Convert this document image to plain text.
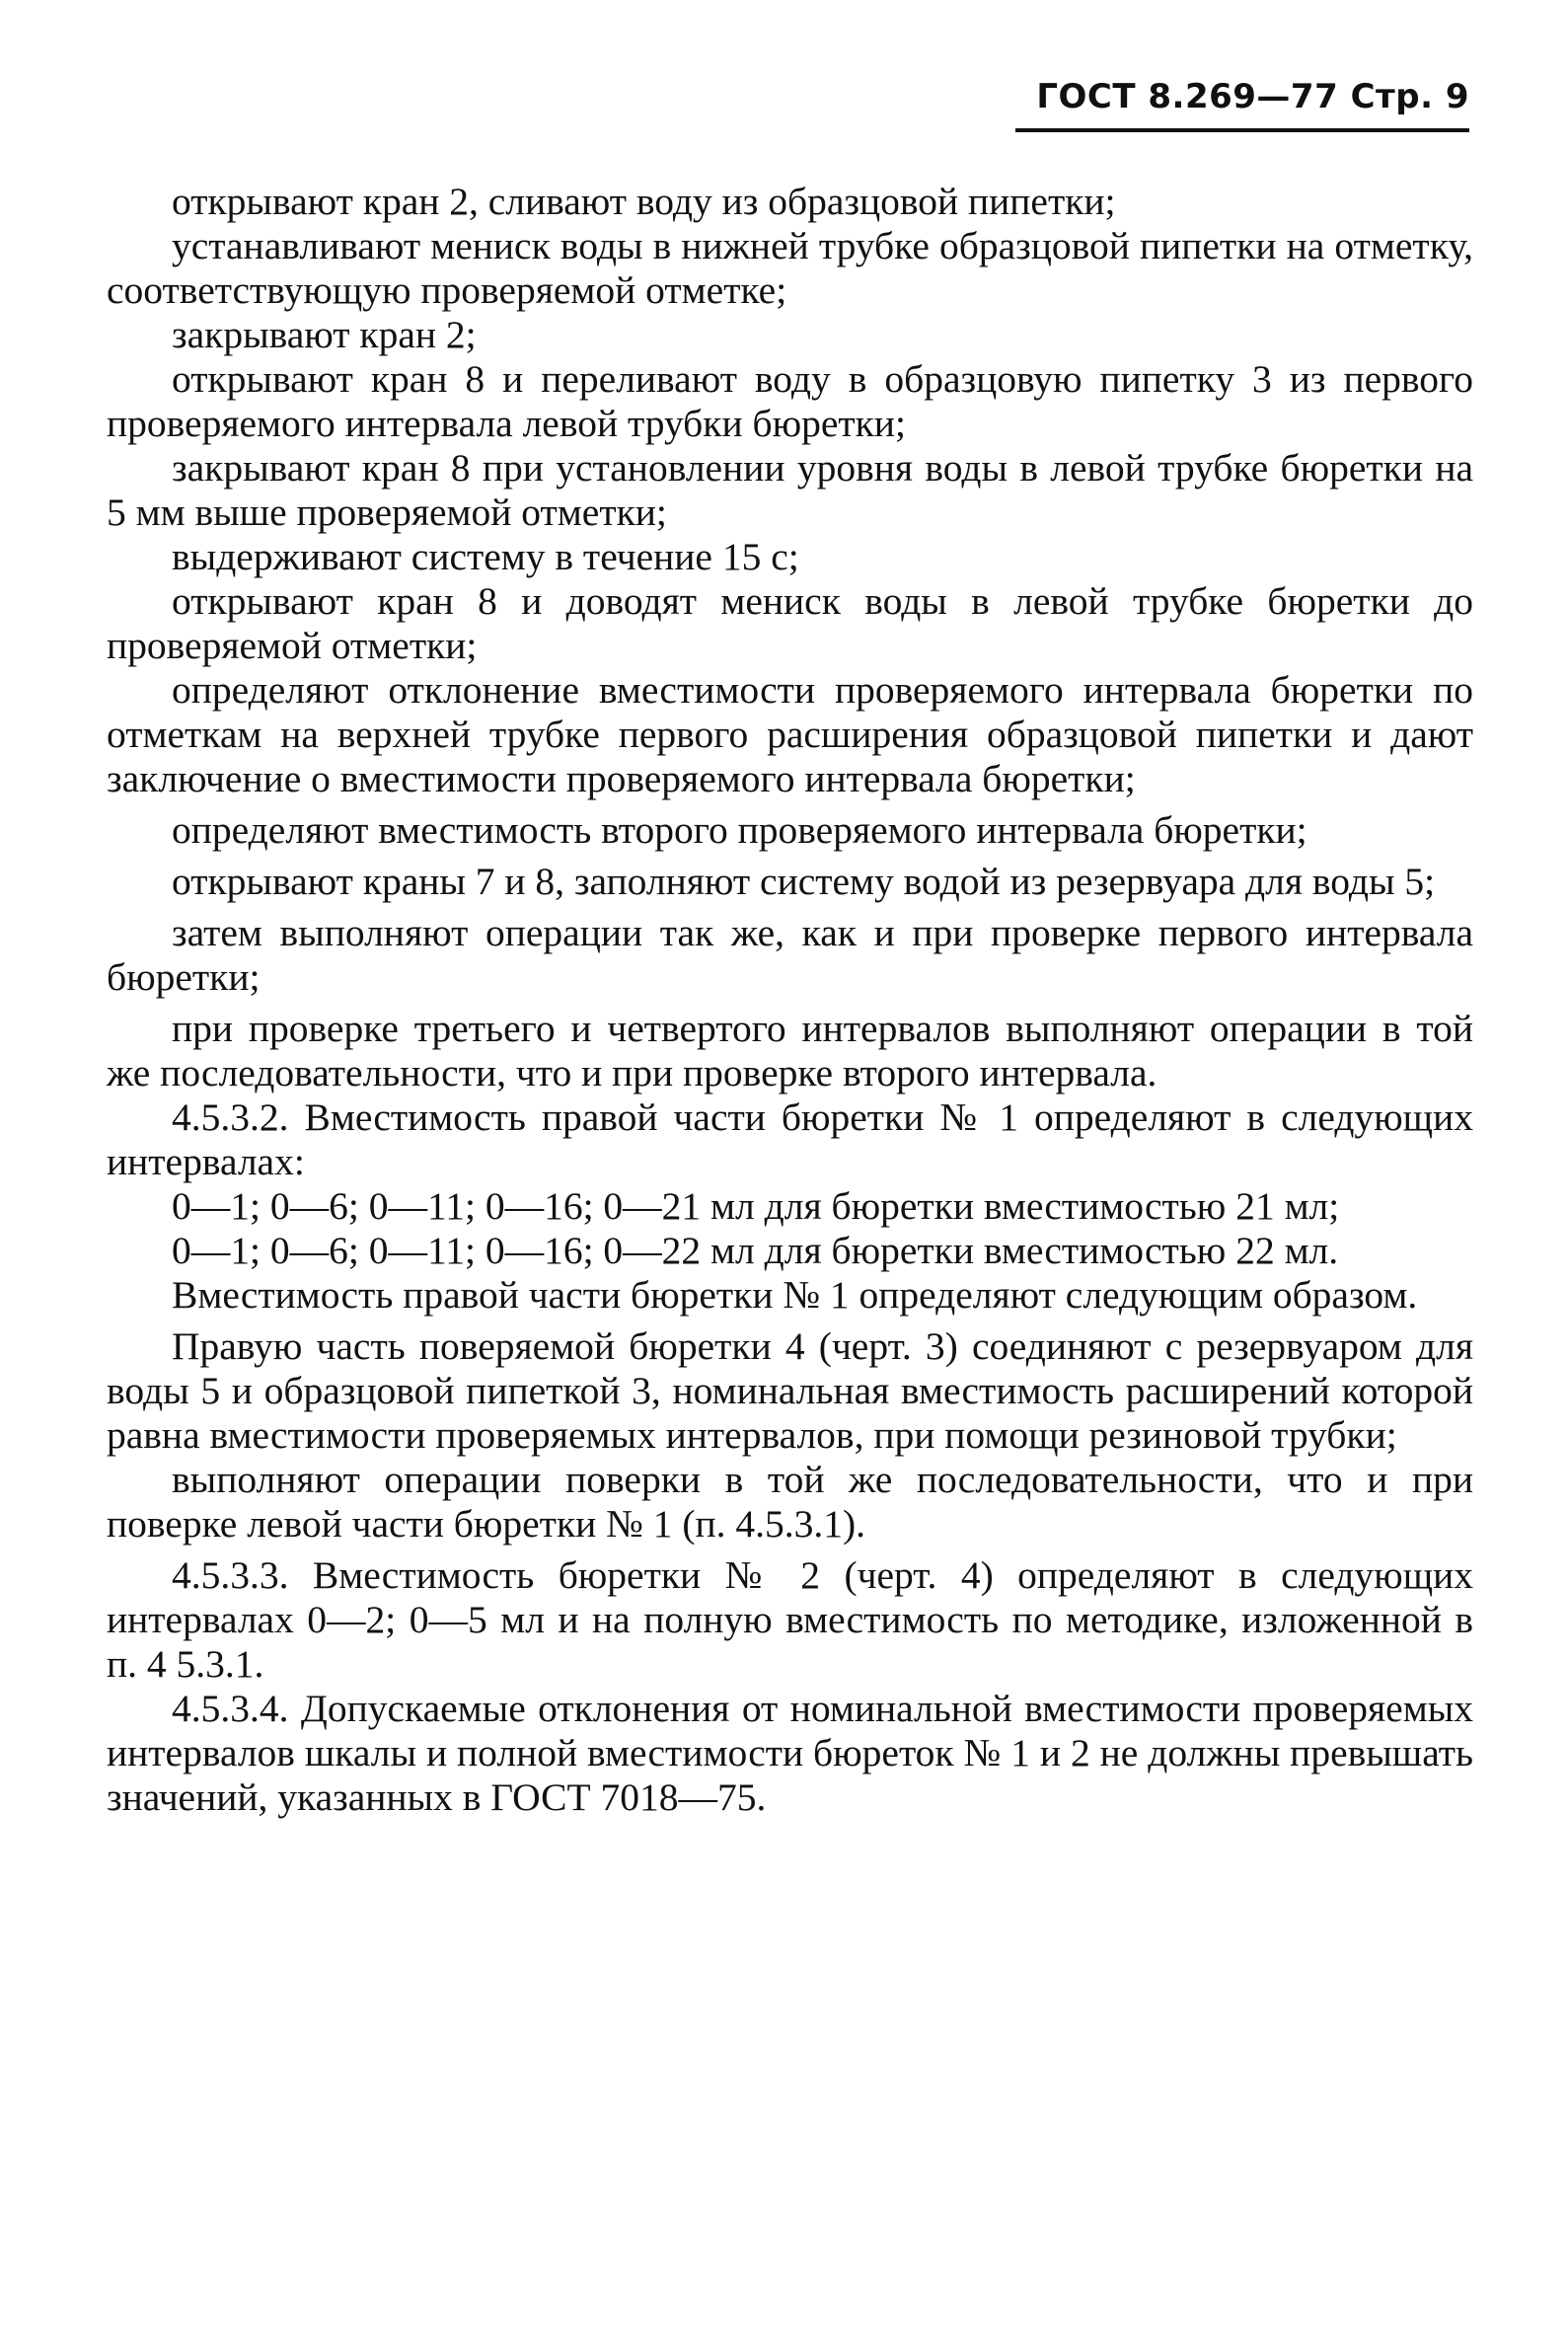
ГОСТ 8.269—77 Стр. 9

открывают кран 2, сливают воду из образцовой пипетки;

устанавливают мениск воды в нижней трубке образцовой пипетки на отметку, соответствующую проверяемой отметке;

закрывают кран 2;

открывают кран 8 и переливают воду в образцовую пипетку 3 из первого проверяемого интервала левой трубки бюретки;

закрывают кран 8 при установлении уровня воды в левой трубке бюретки на 5 мм выше проверяемой отметки;

выдерживают систему в течение 15 с;

открывают кран 8 и доводят мениск воды в левой трубке бюретки до проверяемой отметки;

определяют отклонение вместимости проверяемого интервала бюретки по отметкам на верхней трубке первого расширения образцовой пипетки и дают заключение о вместимости проверяемого интервала бюретки;

определяют вместимость второго проверяемого интервала бюретки;

открывают краны 7 и 8, заполняют систему водой из резервуара для воды 5;

затем выполняют операции так же, как и при проверке первого интервала бюретки;

при проверке третьего и четвертого интервалов выполняют операции в той же последовательности, что и при проверке второго интервала.

4.5.3.2. Вместимость правой части бюретки № 1 определяют в следующих интервалах:

0—1; 0—6; 0—11; 0—16; 0—21 мл для бюретки вместимостью 21 мл;

0—1; 0—6; 0—11; 0—16; 0—22 мл для бюретки вместимостью 22 мл.

Вместимость правой части бюретки № 1 определяют следующим образом.

Правую часть поверяемой бюретки 4 (черт. 3) соединяют с резервуаром для воды 5 и образцовой пипеткой 3, номинальная вместимость расширений которой равна вместимости проверяемых интервалов, при помощи резиновой трубки;

выполняют операции поверки в той же последовательности, что и при поверке левой части бюретки № 1 (п. 4.5.3.1).

4.5.3.3. Вместимость бюретки № 2 (черт. 4) определяют в следующих интервалах 0—2; 0—5 мл и на полную вместимость по методике, изложенной в п. 4 5.3.1.

4.5.3.4. Допускаемые отклонения от номинальной вместимости проверяемых интервалов шкалы и полной вместимости бюреток № 1 и 2 не должны превышать значений, указанных в ГОСТ 7018—75.
